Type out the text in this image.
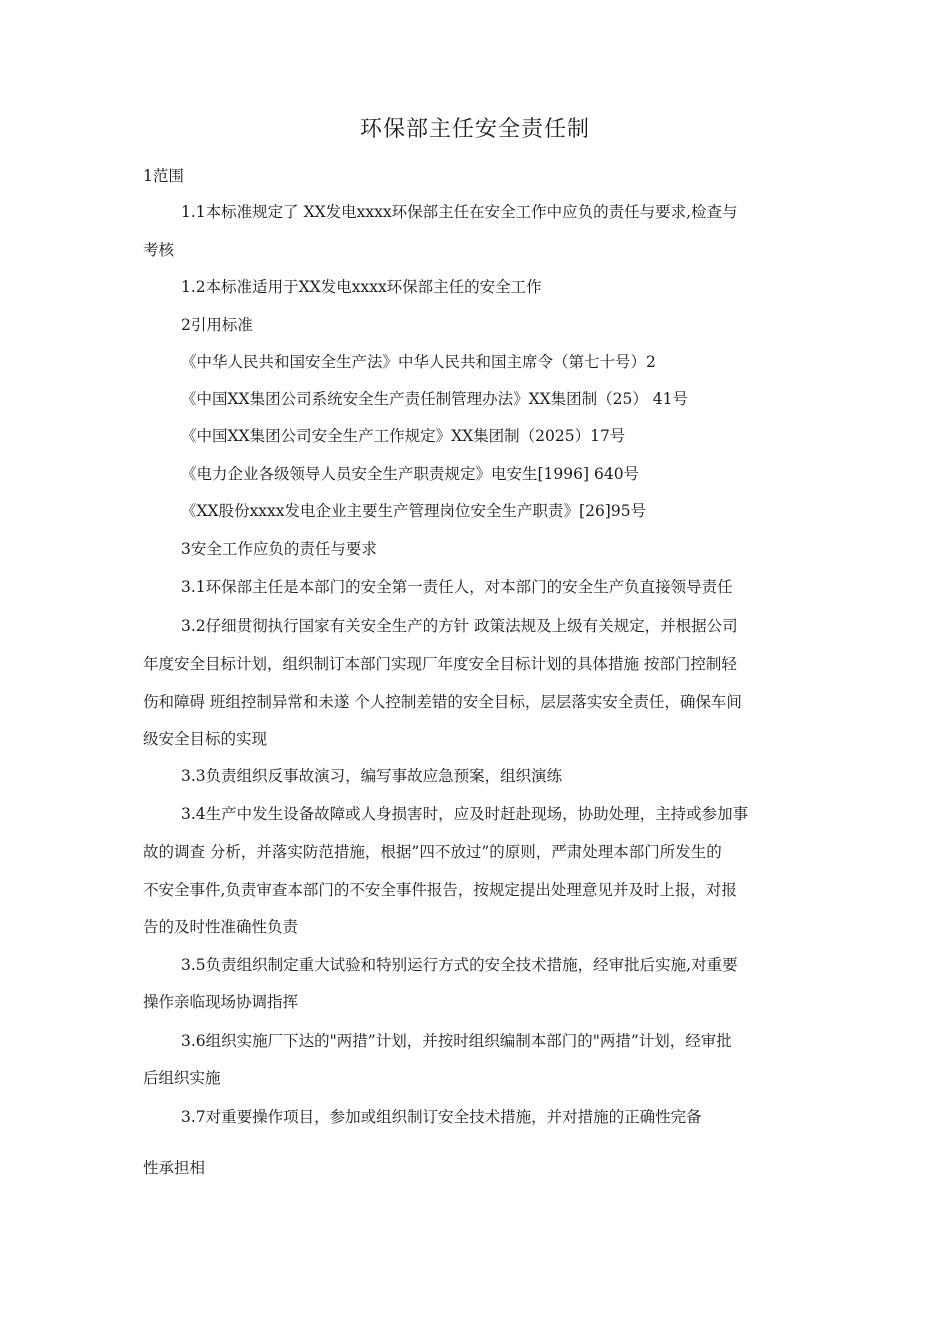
环保部主任安全责任制
1范围
1.1本标准规定了 XX发电xxxx环保部主任在安全工作中应负的责任与要求,检查与
考核
1.2本标准适用于XX发电xxxx环保部主任的安全工作
2引用标准
《中华人民共和国安全生产法》中华人民共和国主席令（第七十号）2
《中国XX集团公司系统安全生产责任制管理办法》XX集团制（25） 41号
《中国XX集团公司安全生产工作规定》XX集团制（2025）17号
《电力企业各级领导人员安全生产职责规定》电安生[1996] 640号
《XX股份xxxx发电企业主要生产管理岗位安全生产职责》[26]95号
3安全工作应负的责任与要求
3.1环保部主任是本部门的安全第一责任人，对本部门的安全生产负直接领导责任
3.2仔细贯彻执行国家有关安全生产的方针 政策法规及上级有关规定，并根据公司
年度安全目标计划，组织制订本部门实现厂年度安全目标计划的具体措施 按部门控制轻
伤和障碍 班组控制异常和未遂 个人控制差错的安全目标，层层落实安全责任，确保车间
级安全目标的实现
3.3负责组织反事故演习，编写事故应急预案，组织演练
3.4生产中发生设备故障或人身损害时，应及时赶赴现场，协助处理，主持或参加事
故的调查 分析，并落实防范措施，根据”四不放过”的原则，严肃处理本部门所发生的
不安全事件,负责审查本部门的不安全事件报告，按规定提出处理意见并及时上报，对报
告的及时性准确性负责
3.5负责组织制定重大试验和特别运行方式的安全技术措施，经审批后实施,对重要
操作亲临现场协调指挥
3.6组织实施厂下达的"两措”计划，并按时组织编制本部门的"两措”计划，经审批
后组织实施
3.7对重要操作项目，参加或组织制订安全技术措施，并对措施的正确性完备
性承担相
